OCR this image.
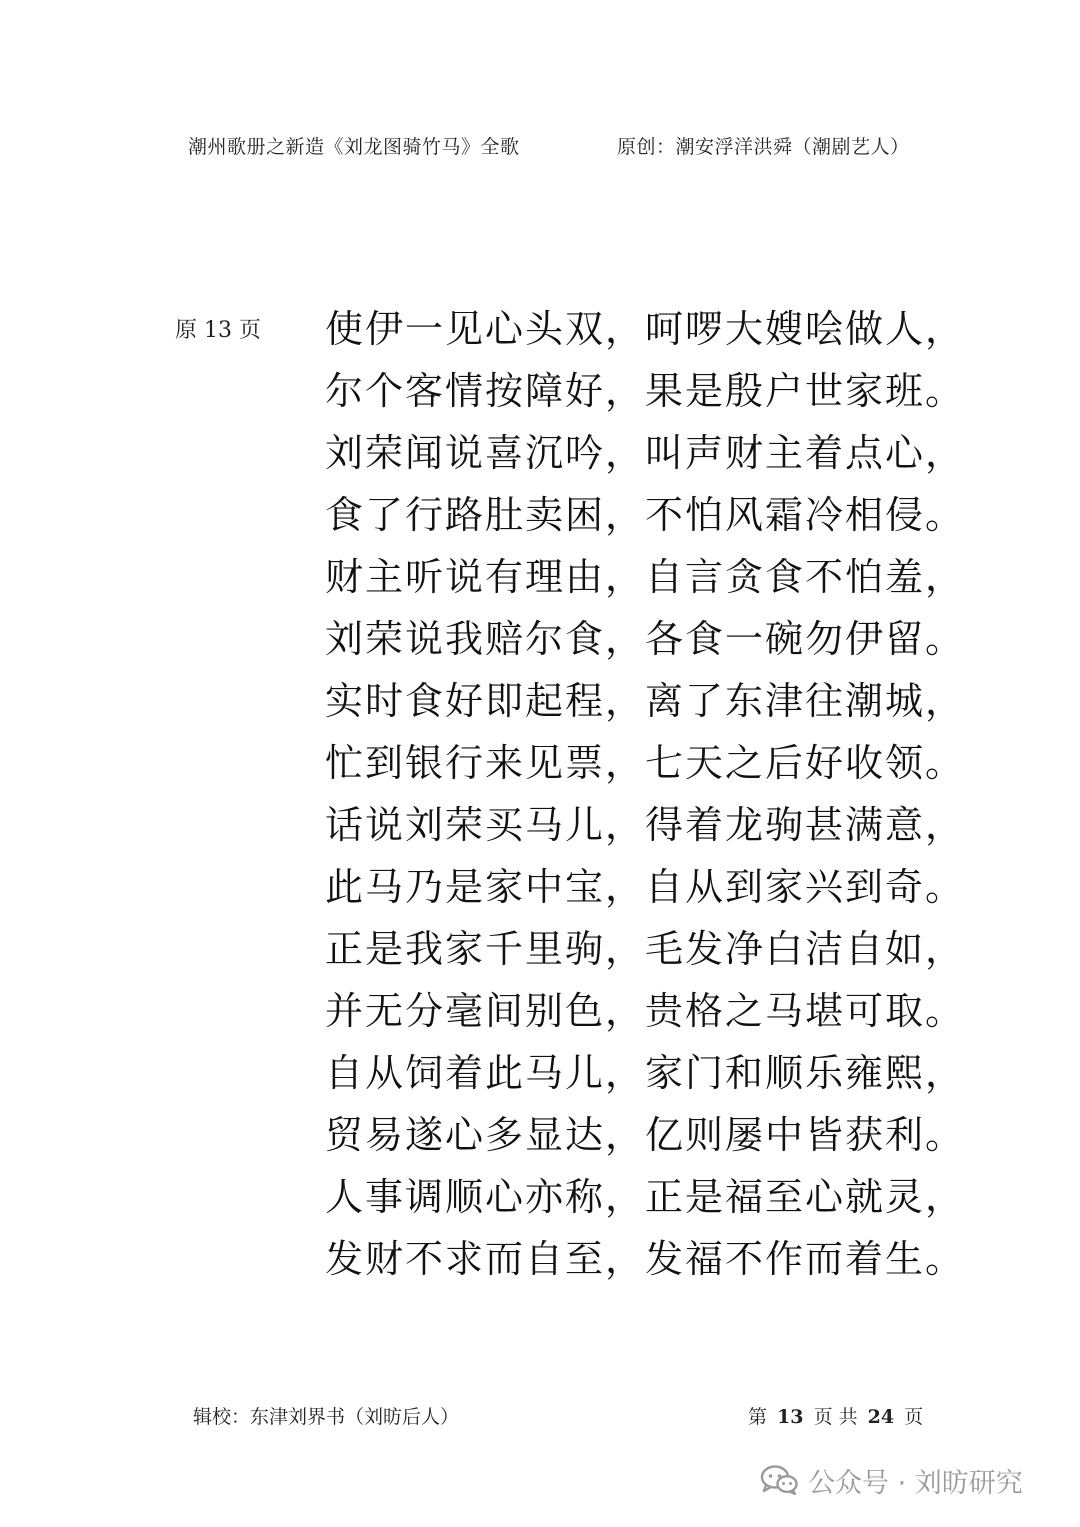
潮州歌册之新造《刘龙图骑竹马》全歌	原创：潮安浮洋洪舜（潮剧艺人）
原 13 页 使伊一见心头双，呵啰大嫂哙做人，
尔个客情按障好，果是殷户世家班。
刘荣闻说喜沉吟，叫声财主着点心，
食了行路肚卖困，不怕风霜冷相侵。
财主听说有理由，自言贪食不怕羞，
刘荣说我赔尔食，各食一碗勿伊留。
实时食好即起程，离了东津往潮城，
忙到银行来见票，七天之后好收领。
话说刘荣买马儿，得着龙驹甚满意，
此马乃是家中宝，自从到家兴到奇。
正是我家千里驹，毛发净白洁自如，
并无分毫间别色，贵格之马堪可取。
自从饲着此马儿，家门和顺乐雍熙，
贸易遂心多显达，亿则屡中皆获利。
人事调顺心亦称，正是福至心就灵，
发财不求而自至，发福不作而着生。
辑校：东津刘界书（刘昉后人）	第 13 页 共 24 页
公众号 · 刘昉研究
